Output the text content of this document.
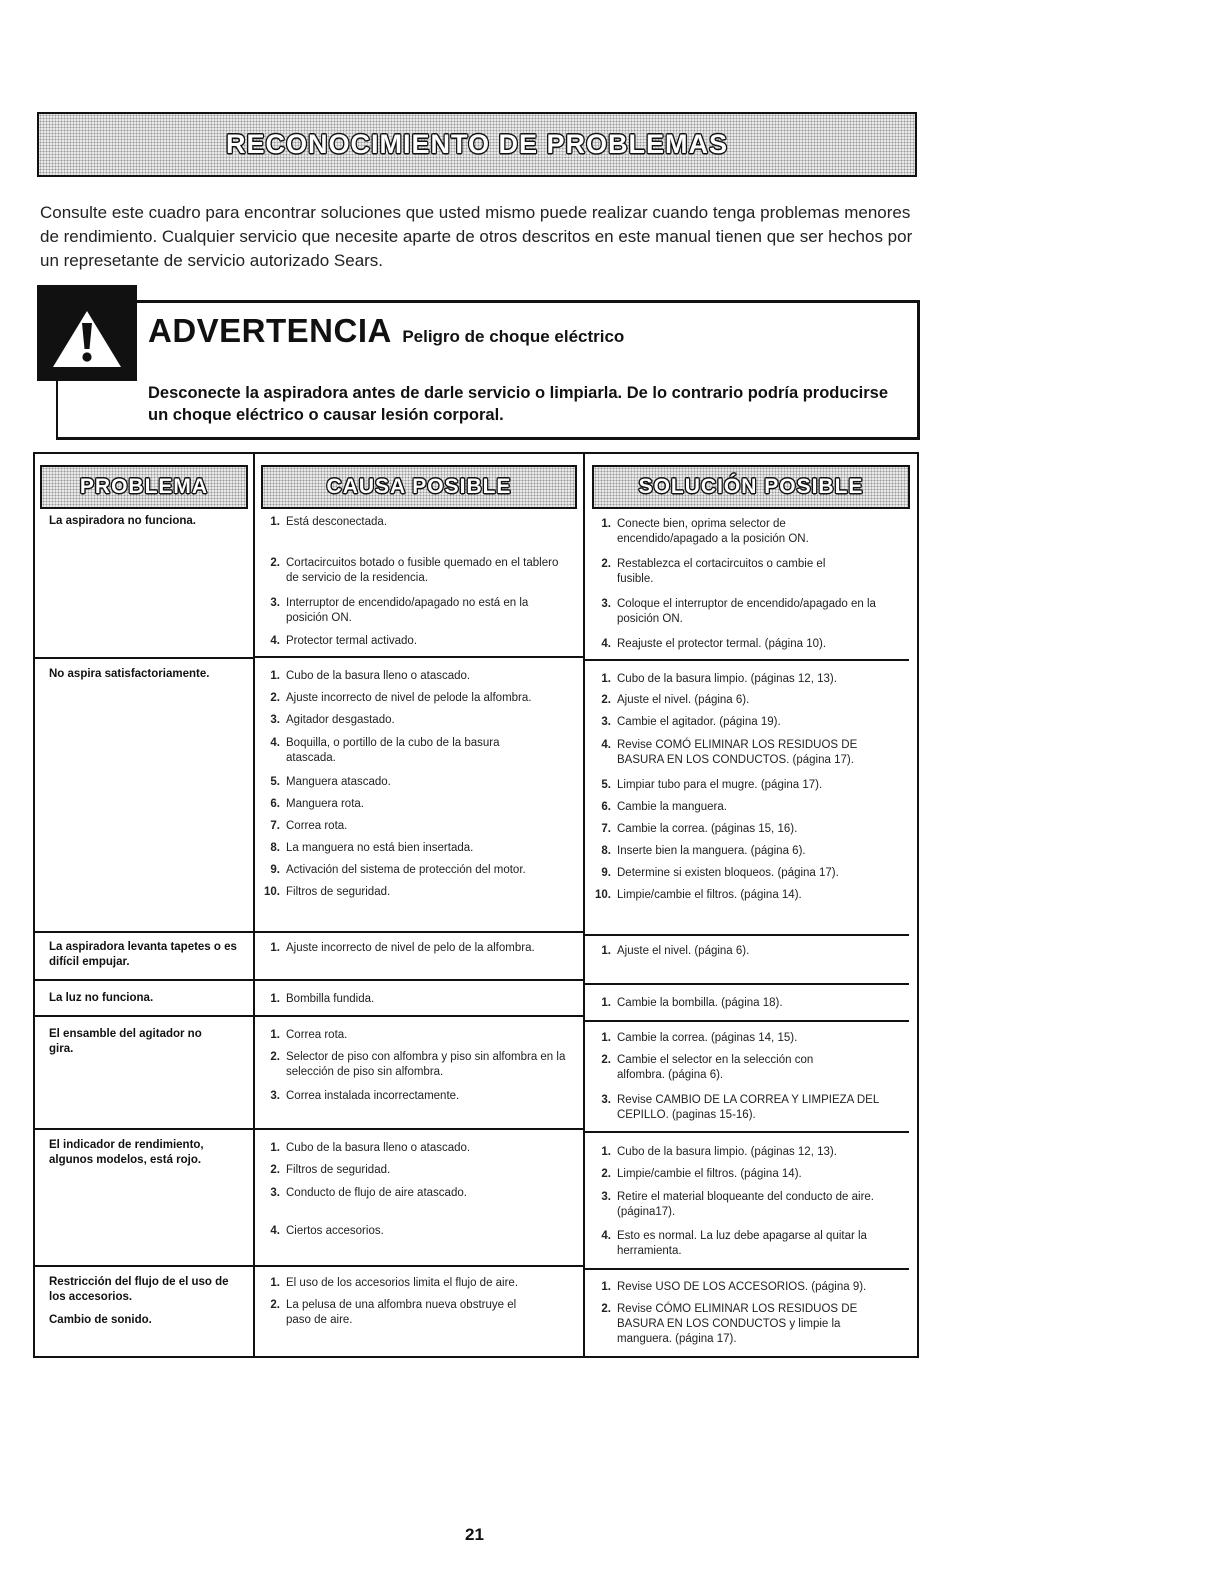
RECONOCIMIENTO DE PROBLEMAS
Consulte este cuadro para encontrar soluciones que usted mismo puede realizar cuando tenga problemas menores de rendimiento. Cualquier servicio que necesite aparte de otros descritos en este manual tienen que ser hechos por un represetante de servicio autorizado Sears.
ADVERTENCIA Peligro de choque eléctrico
Desconecte la aspiradora antes de darle servicio o limpiarla. De lo contrario podría producirse un choque eléctrico o causar lesión corporal.
PROBLEMA	CAUSA POSIBLE	SOLUCIÓN POSIBLE
La aspiradora no funciona.
No aspira satisfactoriamente.
La aspiradora levanta tapetes o es difícil empujar.
La luz no funciona.
El ensamble del agitador no gira.
El indicador de rendimiento, algunos modelos, está rojo.
Restricción del flujo de el uso de los accesorios.
Cambio de sonido.
1. Está desconectada.
2. Cortacircuitos botado o fusible quemado en el tablero de servicio de la residencia.
3. Interruptor de encendido/apagado no está en la posición ON.
4. Protector termal activado.
1. Cubo de la basura lleno o atascado.
2. Ajuste incorrecto de nivel de pelode la alfombra.
3. Agitador desgastado.
4. Boquilla, o portillo de la cubo de la basura atascada.
5. Manguera atascado.
6. Manguera rota.
7. Correa rota.
8. La manguera no está bien insertada.
9. Activación del sistema de protección del motor.
10. Filtros de seguridad.
1. Ajuste incorrecto de nivel de pelo de la alfombra.
1. Bombilla fundida.
1. Correa rota.
2. Selector de piso con alfombra y piso sin alfombra en la selección de piso sin alfombra.
3. Correa instalada incorrectamente.
1. Cubo de la basura lleno o atascado.
2. Filtros de seguridad.
3. Conducto de flujo de aire atascado.
4. Ciertos accesorios.
1. El uso de los accesorios limita el flujo de aire.
2. La pelusa de una alfombra nueva obstruye el paso de aire.
1. Conecte bien, oprima selector de encendido/apagado a la posición ON.
2. Restablezca el cortacircuitos o cambie el fusible.
3. Coloque el interruptor de encendido/apagado en la posición ON.
4. Reajuste el protector termal. (página 10).
1. Cubo de la basura limpio. (páginas 12, 13).
2. Ajuste el nivel. (página 6).
3. Cambie el agitador. (página 19).
4. Revise COMÓ ELIMINAR LOS RESIDUOS DE BASURA EN LOS CONDUCTOS. (página 17).
5. Limpiar tubo para el mugre. (página 17).
6. Cambie la manguera.
7. Cambie la correa. (páginas 15, 16).
8. Inserte bien la manguera. (página 6).
9. Determine si existen bloqueos. (página 17).
10. Limpie/cambie el filtros. (página 14).
1. Ajuste el nivel. (página 6).
1. Cambie la bombilla. (página 18).
1. Cambie la correa. (páginas 14, 15).
2. Cambie el selector en la selección con alfombra. (página 6).
3. Revise CAMBIO DE LA CORREA Y LIMPIEZA DEL CEPILLO. (paginas 15-16).
1. Cubo de la basura limpio. (páginas 12, 13).
2. Limpie/cambie el filtros. (página 14).
3. Retire el material bloqueante del conducto de aire. (página17).
4. Esto es normal. La luz debe apagarse al quitar la herramienta.
1. Revise USO DE LOS ACCESORIOS. (página 9).
2. Revise CÓMO ELIMINAR LOS RESIDUOS DE BASURA EN LOS CONDUCTOS y limpie la manguera. (página 17).
21
